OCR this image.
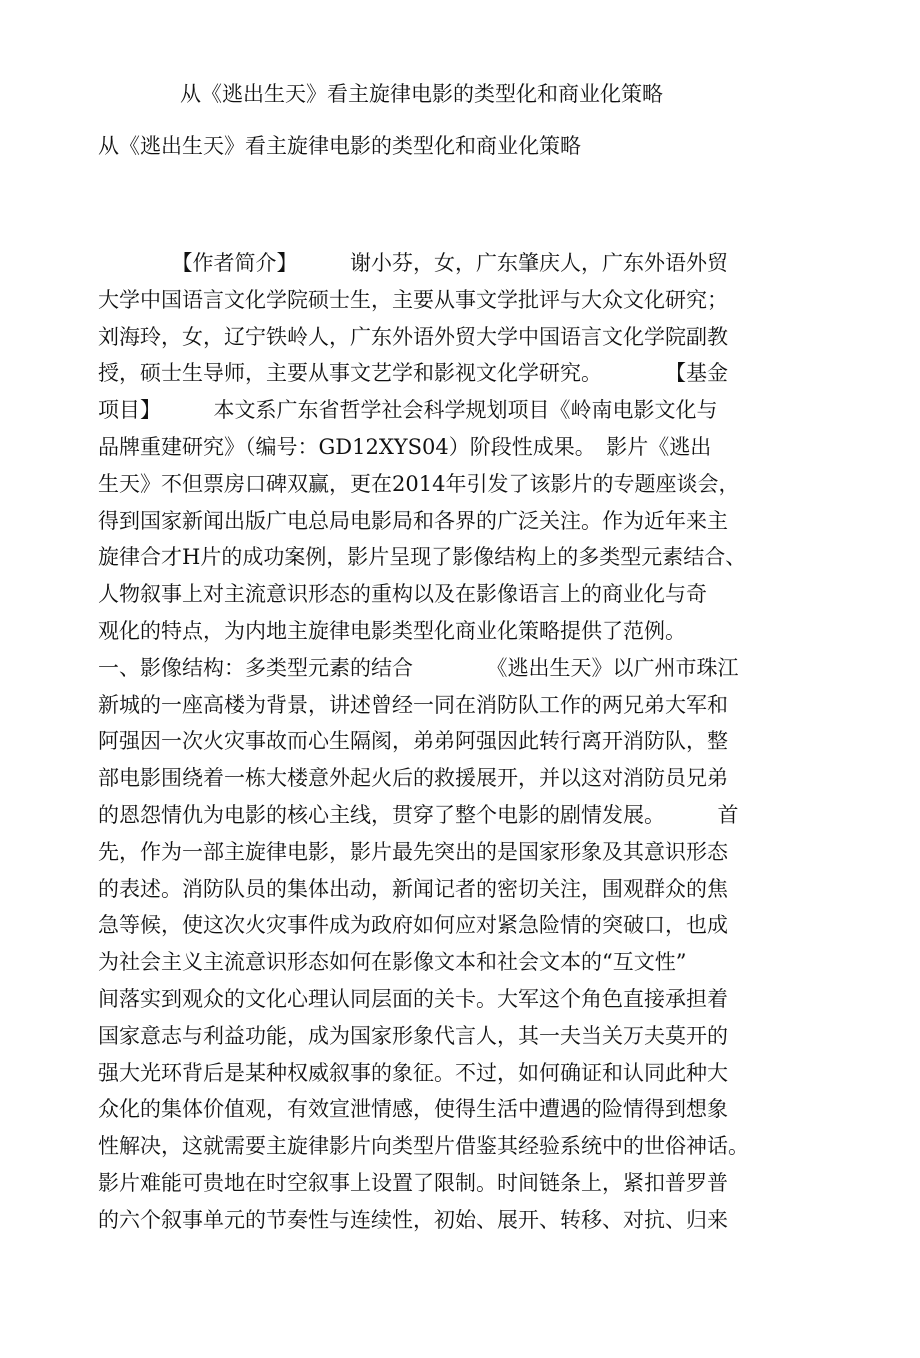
从《逃出生天》看主旋律电影的类型化和商业化策略
从《逃出生天》看主旋律电影的类型化和商业化策略
　　　　【作者简介】　　　谢小芬，女，广东肇庆人，广东外语外贸
大学中国语言文化学院硕士生，主要从事文学批评与大众文化研究；
刘海玲，女，辽宁铁岭人，广东外语外贸大学中国语言文化学院副教
授，硕士生导师，主要从事文艺学和影视文化学研究。　　　　【基金
项目】　　　本文系广东省哲学社会科学规划项目《岭南电影文化与
品牌重建研究》（编号：GD12XYS04）阶段性成果。　影片《逃出
生天》不但票房口碑双赢，更在2014年引发了该影片的专题座谈会，
得到国家新闻出版广电总局电影局和各界的广泛关注。作为近年来主
旋律合才H片的成功案例，影片呈现了影像结构上的多类型元素结合、
人物叙事上对主流意识形态的重构以及在影像语言上的商业化与奇
观化的特点，为内地主旋律电影类型化商业化策略提供了范例。
一、影像结构：多类型元素的结合　　　　《逃出生天》以广州市珠江
新城的一座高楼为背景，讲述曾经一同在消防队工作的两兄弟大军和
阿强因一次火灾事故而心生隔阂，弟弟阿强因此转行离开消防队，整
部电影围绕着一栋大楼意外起火后的救援展开，并以这对消防员兄弟
的恩怨情仇为电影的核心主线，贯穿了整个电影的剧情发展。　　　首
先，作为一部主旋律电影，影片最先突出的是国家形象及其意识形态
的表述。消防队员的集体出动，新闻记者的密切关注，围观群众的焦
急等候，使这次火灾事件成为政府如何应对紧急险情的突破口，也成
为社会主义主流意识形态如何在影像文本和社会文本的“互文性”
间落实到观众的文化心理认同层面的关卡。大军这个角色直接承担着
国家意志与利益功能，成为国家形象代言人，其一夫当关万夫莫开的
强大光环背后是某种权威叙事的象征。不过，如何确证和认同此种大
众化的集体价值观，有效宣泄情感，使得生活中遭遇的险情得到想象
性解决，这就需要主旋律影片向类型片借鉴其经验系统中的世俗神话。
影片难能可贵地在时空叙事上设置了限制。时间链条上，紧扣普罗普
的六个叙事单元的节奏性与连续性，初始、展开、转移、对抗、归来
